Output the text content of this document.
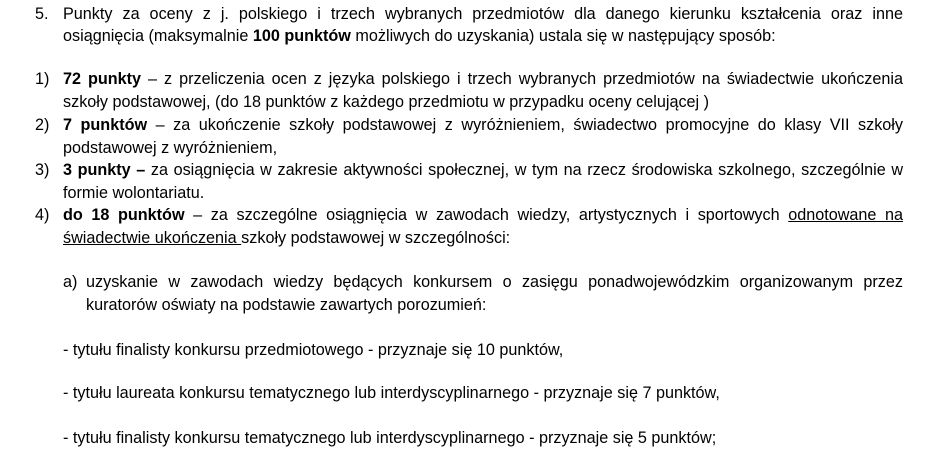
5. Punkty za oceny z j. polskiego i trzech wybranych przedmiotów dla danego kierunku kształcenia oraz inne
osiągnięcia (maksymalnie 100 punktów możliwych do uzyskania) ustala się w następujący sposób:
1) 72 punkty – z przeliczenia ocen z języka polskiego i trzech wybranych przedmiotów na świadectwie ukończenia
szkoły podstawowej, (do 18 punktów z każdego przedmiotu w przypadku oceny celującej )
2) 7 punktów – za ukończenie szkoły podstawowej z wyróżnieniem, świadectwo promocyjne do klasy VII szkoły
podstawowej z wyróżnieniem,
3) 3 punkty – za osiągnięcia w zakresie aktywności społecznej, w tym na rzecz środowiska szkolnego, szczególnie w
formie wolontariatu.
4) do 18 punktów – za szczególne osiągnięcia w zawodach wiedzy, artystycznych i sportowych odnotowane na
świadectwie ukończenia szkoły podstawowej w szczególności:
a) uzyskanie w zawodach wiedzy będących konkursem o zasięgu ponadwojewódzkim organizowanym przez
kuratorów oświaty na podstawie zawartych porozumień:
- tytułu finalisty konkursu przedmiotowego - przyznaje się 10 punktów,
- tytułu laureata konkursu tematycznego lub interdyscyplinarnego - przyznaje się 7 punktów,
- tytułu finalisty konkursu tematycznego lub interdyscyplinarnego - przyznaje się 5 punktów;
